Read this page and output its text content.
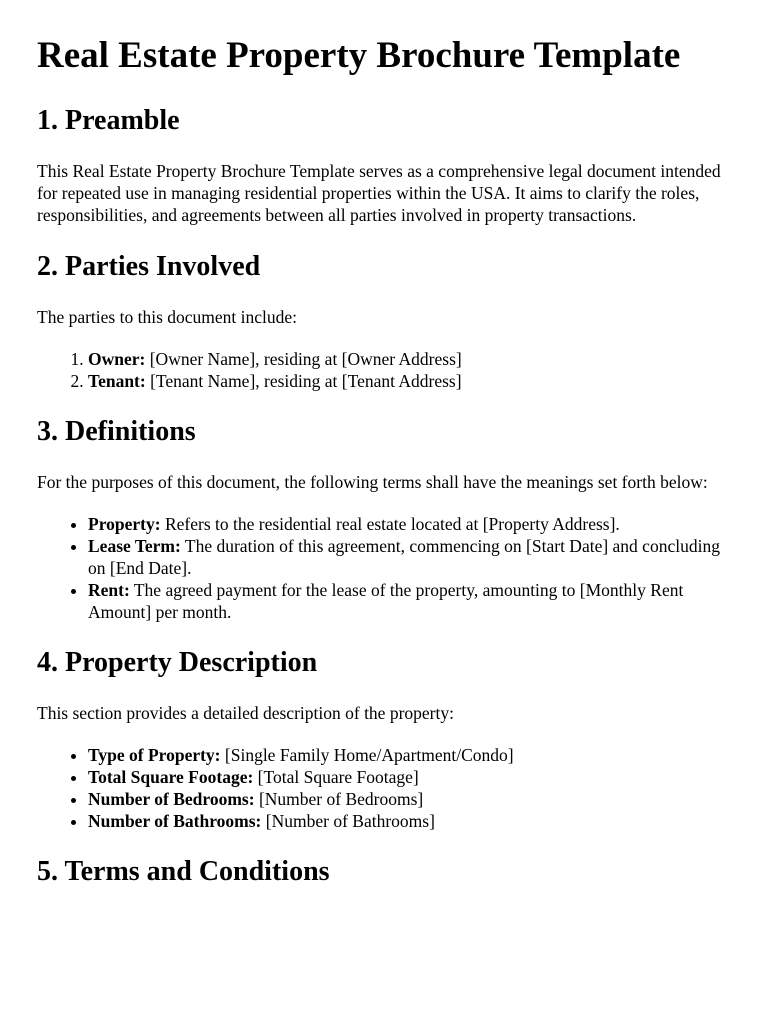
Real Estate Property Brochure Template
1. Preamble

This Real Estate Property Brochure Template serves as a comprehensive legal document intended for repeated use in managing residential properties within the USA. It aims to clarify the roles, responsibilities, and agreements between all parties involved in property transactions.

2. Parties Involved

The parties to this document include:

1. Owner: [Owner Name], residing at [Owner Address]
2. Tenant: [Tenant Name], residing at [Tenant Address]
3. Definitions

For the purposes of this document, the following terms shall have the meanings set forth below:

• Property: Refers to the residential real estate located at [Property Address].
• Lease Term: The duration of this agreement, commencing on [Start Date] and concluding on [End Date].
• Rent: The agreed payment for the lease of the property, amounting to [Monthly Rent Amount] per month.
4. Property Description

This section provides a detailed description of the property:

• Type of Property: [Single Family Home/Apartment/Condo]
• Total Square Footage: [Total Square Footage]
• Number of Bedrooms: [Number of Bedrooms]
• Number of Bathrooms: [Number of Bathrooms]
5. Terms and Conditions
